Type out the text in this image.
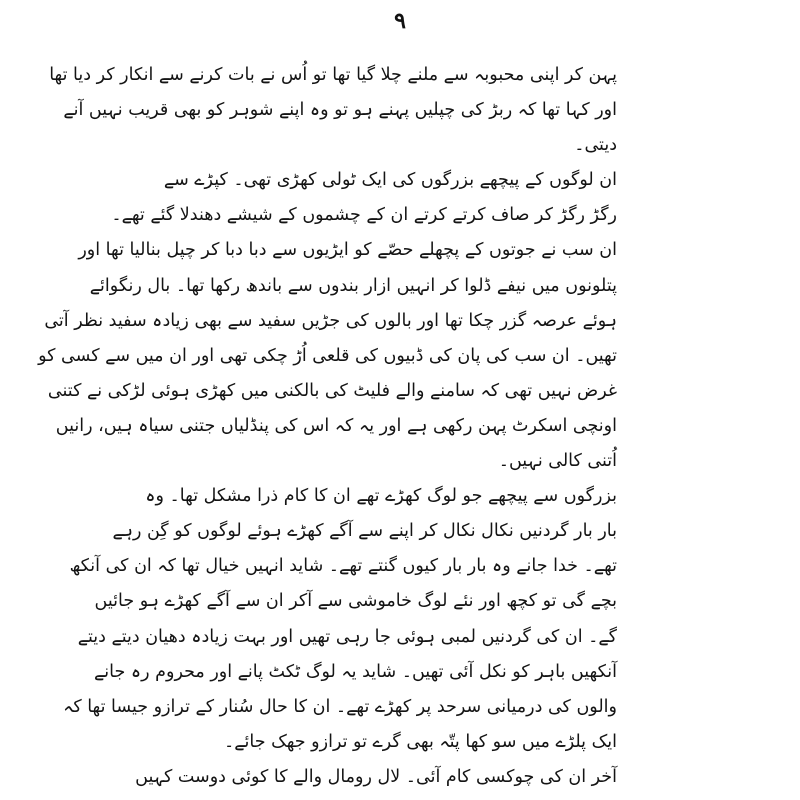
۹
پہن کر اپنی محبوبہ سے ملنے چلا گیا تھا تو اُس نے بات کرنے سے انکار کر دیا تھا
اور کہا تھا کہ ربڑ کی چپلیں پہنے ہو تو وہ اپنے شوہر کو بھی قریب نہیں آنے
دیتی۔
ان لوگوں کے پیچھے بزرگوں کی ایک ٹولی کھڑی تھی۔ کپڑے سے
رگڑ رگڑ کر صاف کرتے کرتے ان کے چشموں کے شیشے دھندلا گئے تھے۔
ان سب نے جوتوں کے پچھلے حصّے کو ایڑیوں سے دبا دبا کر چپل بنالیا تھا اور
پتلونوں میں نیفے ڈلوا کر انہیں ازار بندوں سے باندھ رکھا تھا۔ بال رنگوائے
ہوئے عرصہ گزر چکا تھا اور بالوں کی جڑیں سفید سے بھی زیادہ سفید نظر آتی
تھیں۔ ان سب کی پان کی ڈبیوں کی قلعی اُڑ چکی تھی اور ان میں سے کسی کو
غرض نہیں تھی کہ سامنے والے فلیٹ کی بالکنی میں کھڑی ہوئی لڑکی نے کتنی
اونچی اسکرٹ پہن رکھی ہے اور یہ کہ اس کی پنڈلیاں جتنی سیاہ ہیں، رانیں
اُتنی کالی نہیں۔
بزرگوں سے پیچھے جو لوگ کھڑے تھے ان کا کام ذرا مشکل تھا۔ وہ
بار بار گردنیں نکال نکال کر اپنے سے آگے کھڑے ہوئے لوگوں کو گِن رہے
تھے۔ خدا جانے وہ بار بار کیوں گنتے تھے۔ شاید انہیں خیال تھا کہ ان کی آنکھ
بچے گی تو کچھ اور نئے لوگ خاموشی سے آکر ان سے آگے کھڑے ہو جائیں
گے۔ ان کی گردنیں لمبی ہوئی جا رہی تھیں اور بہت زیادہ دھیان دیتے دیتے
آنکھیں باہر کو نکل آئی تھیں۔ شاید یہ لوگ ٹکٹ پانے اور محروم رہ جانے
والوں کی درمیانی سرحد پر کھڑے تھے۔ ان کا حال سُنار کے ترازو جیسا تھا کہ
ایک پلڑے میں سو کھا پتّہ بھی گرے تو ترازو جھک جائے۔
آخر ان کی چوکسی کام آئی۔ لال رومال والے کا کوئی دوست کہیں
